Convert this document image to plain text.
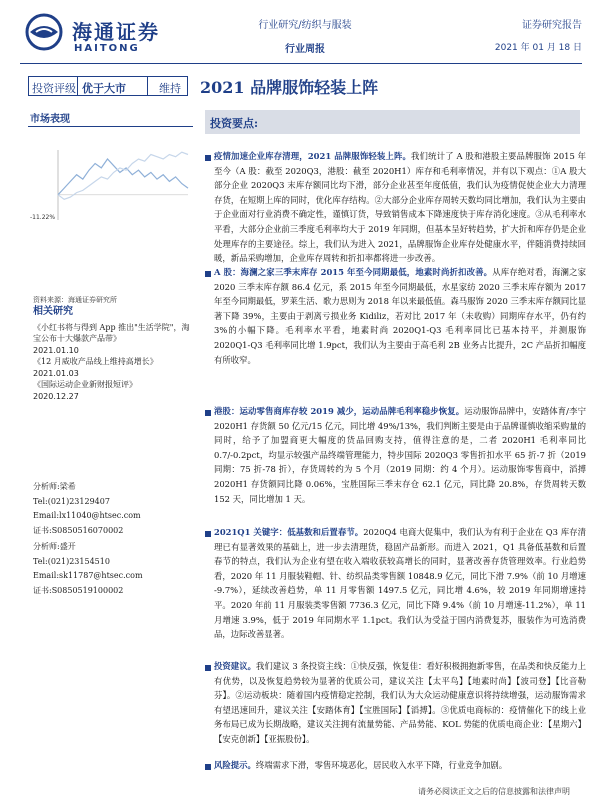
海通证券
HAITONG
行业研究/纺织与服装
行业周报
证券研究报告
2021 年 01 月 18 日
投资评级 优于大市	维持 2021 品牌服饰轻装上阵
市场表现
-11.22%
资料来源：海通证券研究所
相关研究
《小红书将与得到 App 推出"生活学院"，淘宝公布十大爆款产品带》
2021.01.10
《12 月威收产品线上维持高增长》
2021.01.03
《国际运动企业新财报短评》
2020.12.27
分析师:梁希
Tel:(021)23129407
Email:lx11040@htsec.com
证书:S0850516070002
分析师:盛开
Tel:(021)23154510
Email:sk11787@htsec.com
证书:S0850519100002
投资要点:
疫情加速企业库存清理，2021 品牌服饰轻装上阵。我们统计了 A 股和港股主要品牌服饰 2015 年至今（A 股：截至 2020Q3，港股：截至 2020H1）库存和毛利率情况，并有以下观点：①A 股大部分企业 2020Q3 末库存额同比均下滑，部分企业甚至年度低值，我们认为疫情促使企业大力清理存货，在短期上库的同时，优化库存结构。②大部分企业库存周转天数均同比增加，我们认为主要由于企业面对行业消费不确定性，谨慎订货，导致销售成本下降速度快于库存消化速度。③从毛利率水平看，大部分企业前三季度毛利率均大于 2019 年同期，但基本呈好转趋势，扩大折和库存仍是企业处理库存的主要途径。综上，我们认为进入 2021，品牌服饰企业库存处健康水平，伴随消费持续回暖，新品采购增加，企业库存周转和折扣率都将进一步改善。
A 股：海澜之家三季末库存 2015 年至今同期最低，地素时尚折扣改善。从库存绝对看，海澜之家 2020 三季末库存额 86.4 亿元，系 2015 年至今同期最低，水星家纺 2020 三季末库存额为 2017 年至今同期最低，罗莱生活、歌力思则为 2018 年以来最低值。森马服饰 2020 三季末库存额同比显著下降 39%，主要由于剥离亏损业务 Kidiliz，若对比 2017 年（未收购）同期库存水平，仍有约 3%的小幅下降。毛利率水平看，地素时尚 2020Q1-Q3 毛利率同比已基本持平，并测服饰 2020Q1-Q3 毛利率同比增 1.9pct，我们认为主要由于高毛利 2B 业务占比提升，2C 产品折扣幅度有所收窄。
港股：运动零售商库存较 2019 减少，运动品牌毛利率稳步恢复。运动服饰品牌中，安踏体育/李宁 2020H1 存货额 50 亿元/15 亿元，同比增 49%/13%，我们判断主要是由于品牌谨慎收缩采购量的同时，给予了加盟商更大幅度的货品回购支持，值得注意的是，二者 2020H1 毛利率同比 0.7/-0.2pct，均显示较强产品终端管理能力，特步国际 2020Q3 零售折扣水平 65 折-7 折（2019 同期：75 折-78 折），存货周转约为 5 个月（2019 同期：约 4 个月）。运动服饰零售商中，滔搏 2020H1 存货额同比降 0.06%，宝胜国际三季末存仓 62.1 亿元，同比降 20.8%，存货周转天数 152 天，同比增加 1 天。
2021Q1 关键字：低基数和后置春节。2020Q4 电商大促集中，我们认为有利于企业在 Q3 库存清理已有显著效果的基础上，进一步去清理货，稳固产品新形。而进入 2021，Q1 具备低基数和后置春节的特点，我们认为企业有望在收入端收获较高增长的同时，显著改善存货管理效率。行业趋势看，2020 年 11 月服装鞋帽、针、纺织品类零售额 10848.9 亿元，同比下滑 7.9%（前 10 月增速 -9.7%），延续改善趋势，单 11 月零售额 1497.5 亿元，同比增 4.6%，较 2019 年同期增速持平。2020 年前 11 月服装类零售额 7736.3 亿元，同比下降 9.4%（前 10 月增速-11.2%），单 11 月增速 3.9%，低于 2019 年同期水平 1.1pct。我们认为受益于国内消费复苏，服装作为可选消费品，边际改善显著。
投资建议。我们建议 3 条投资主线：①快反强，恢复佳：看好积极拥抱新零售，在品类和快反能力上有优势，以及恢复趋势较为显著的优质公司，建议关注【太平鸟】【地素时尚】【波司登】【比音勒芬】。②运动板块：随着国内疫情稳定控制，我们认为大众运动健康意识将持续增强，运动服饰需求有望迅速回升，建议关注【安踏体育】【宝胜国际】【滔搏】。③优质电商标的：疫情催化下的线上业务布局已成为长期战略，建议关注拥有流量势能、产品势能、KOL 势能的优质电商企业：【星期六】【安克创新】【亚振股份】。
风险提示。终端需求下滑，零售环境恶化，居民收入水平下降，行业竞争加剧。
请务必阅读正文之后的信息披露和法律声明
